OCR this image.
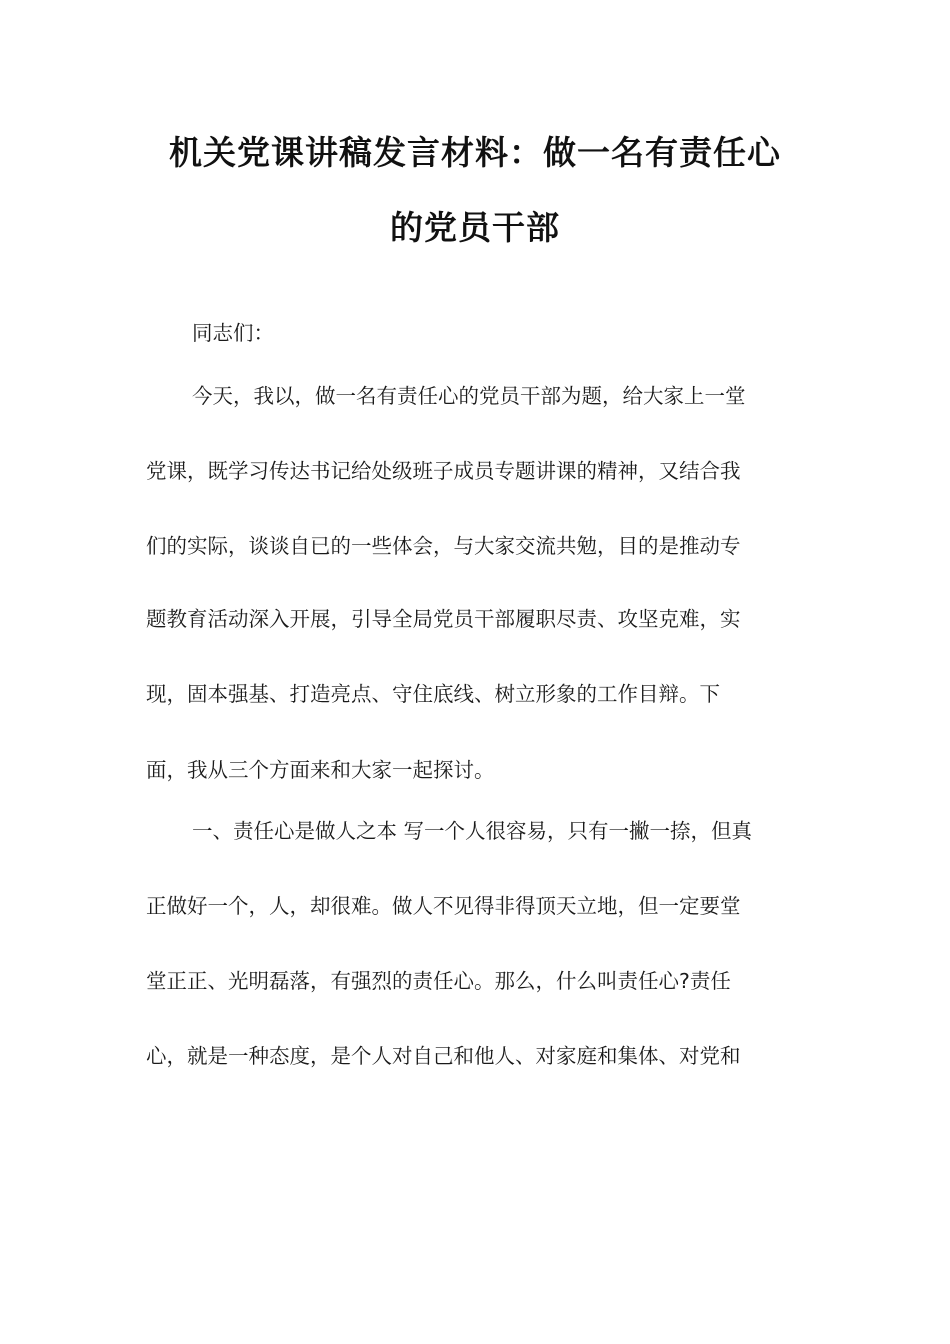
机关党课讲稿发言材料：做一名有责任心
的党员干部
同志们：
今天，我以，做一名有责任心的党员干部为题，给大家上一堂
党课，既学习传达书记给处级班子成员专题讲课的精神，又结合我
们的实际，谈谈自已的一些体会，与大家交流共勉，目的是推动专
题教育活动深入开展，引导全局党员干部履职尽责、攻坚克难，实
现，固本强基、打造亮点、守住底线、树立形象的工作目辩。下
面，我从三个方面来和大家一起探讨。
一、责任心是做人之本 写一个人很容易，只有一撇一捺，但真
正做好一个，人，却很难。做人不见得非得顶天立地，但一定要堂
堂正正、光明磊落，有强烈的责任心。那么，什么叫责任心?责任
心，就是一种态度，是个人对自己和他人、对家庭和集体、对党和
